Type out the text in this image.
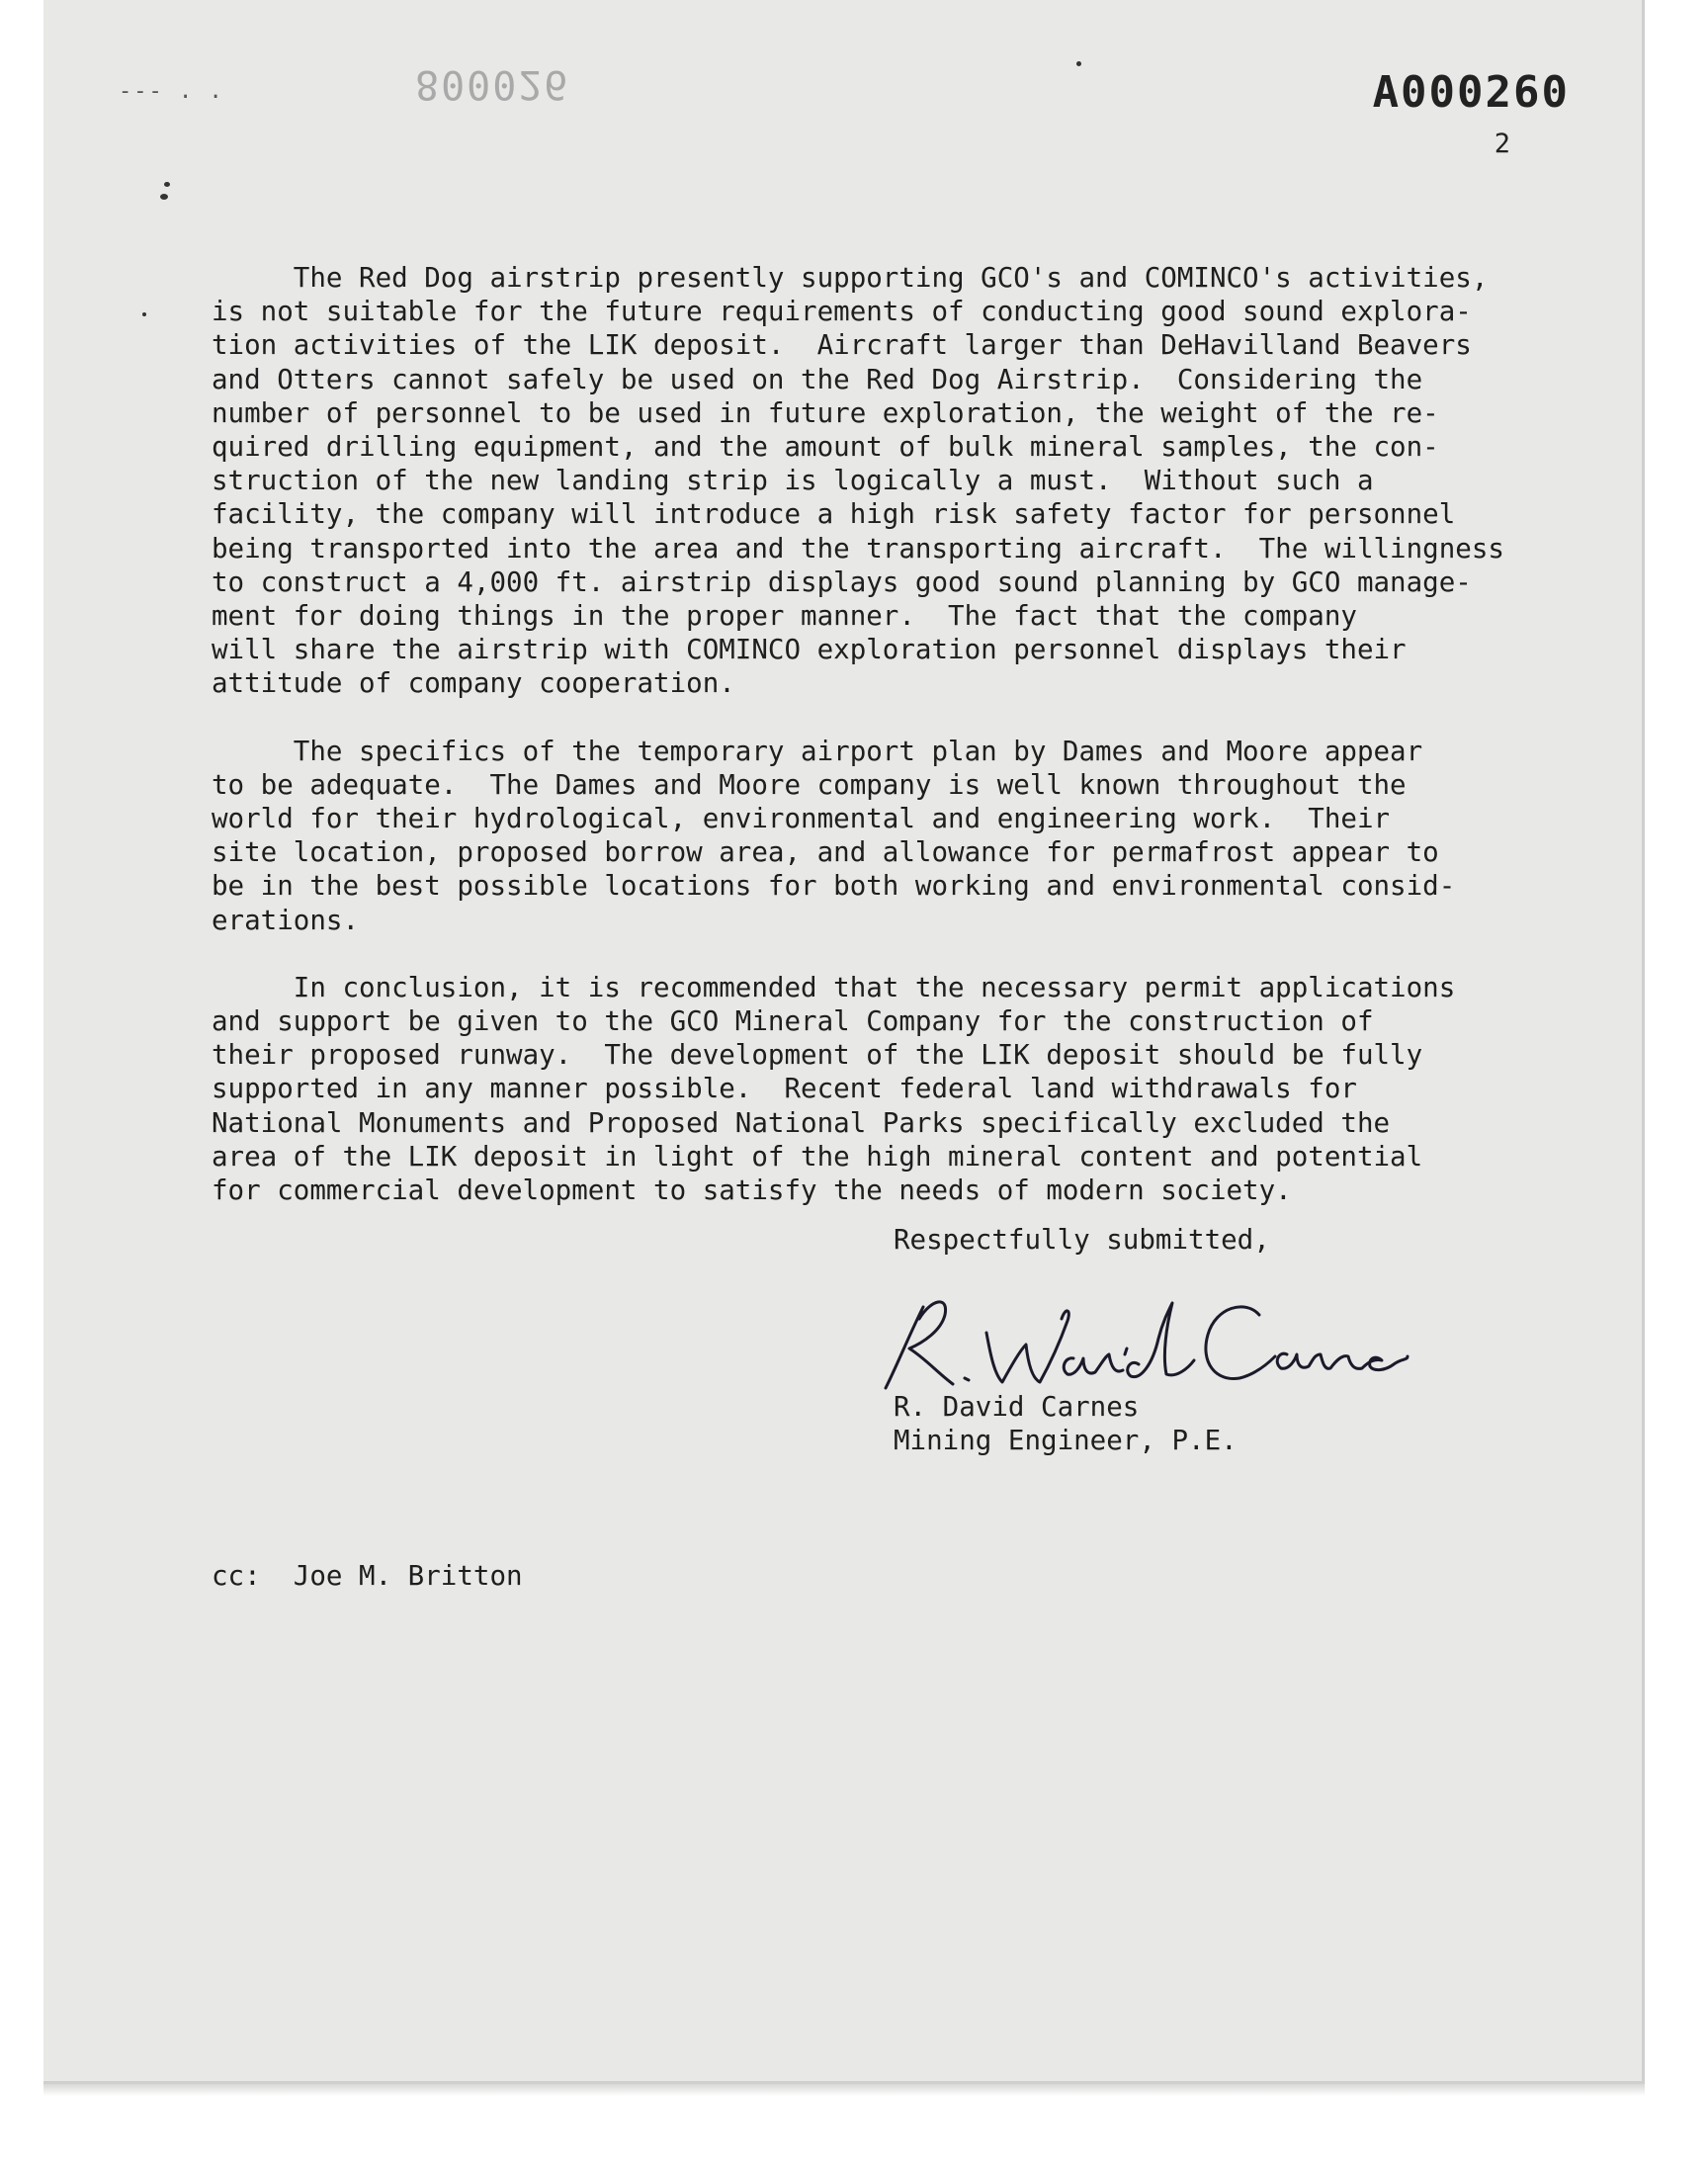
--- . .	800026	A000260
2

The Red Dog airstrip presently supporting GCO's and COMINCO's activities,
is not suitable for the future requirements of conducting good sound explora-
tion activities of the LIK deposit.  Aircraft larger than DeHavilland Beavers
and Otters cannot safely be used on the Red Dog Airstrip.  Considering the
number of personnel to be used in future exploration, the weight of the re-
quired drilling equipment, and the amount of bulk mineral samples, the con-
struction of the new landing strip is logically a must.  Without such a
facility, the company will introduce a high risk safety factor for personnel
being transported into the area and the transporting aircraft.  The willingness
to construct a 4,000 ft. airstrip displays good sound planning by GCO manage-
ment for doing things in the proper manner.  The fact that the company
will share the airstrip with COMINCO exploration personnel displays their
attitude of company cooperation.

The specifics of the temporary airport plan by Dames and Moore appear
to be adequate.  The Dames and Moore company is well known throughout the
world for their hydrological, environmental and engineering work.  Their
site location, proposed borrow area, and allowance for permafrost appear to
be in the best possible locations for both working and environmental consid-
erations.

In conclusion, it is recommended that the necessary permit applications
and support be given to the GCO Mineral Company for the construction of
their proposed runway.  The development of the LIK deposit should be fully
supported in any manner possible.  Recent federal land withdrawals for
National Monuments and Proposed National Parks specifically excluded the
area of the LIK deposit in light of the high mineral content and potential
for commercial development to satisfy the needs of modern society.

Respectfully submitted,
R. David Carnes
Mining Engineer, P.E.
cc:  Joe M. Britton
